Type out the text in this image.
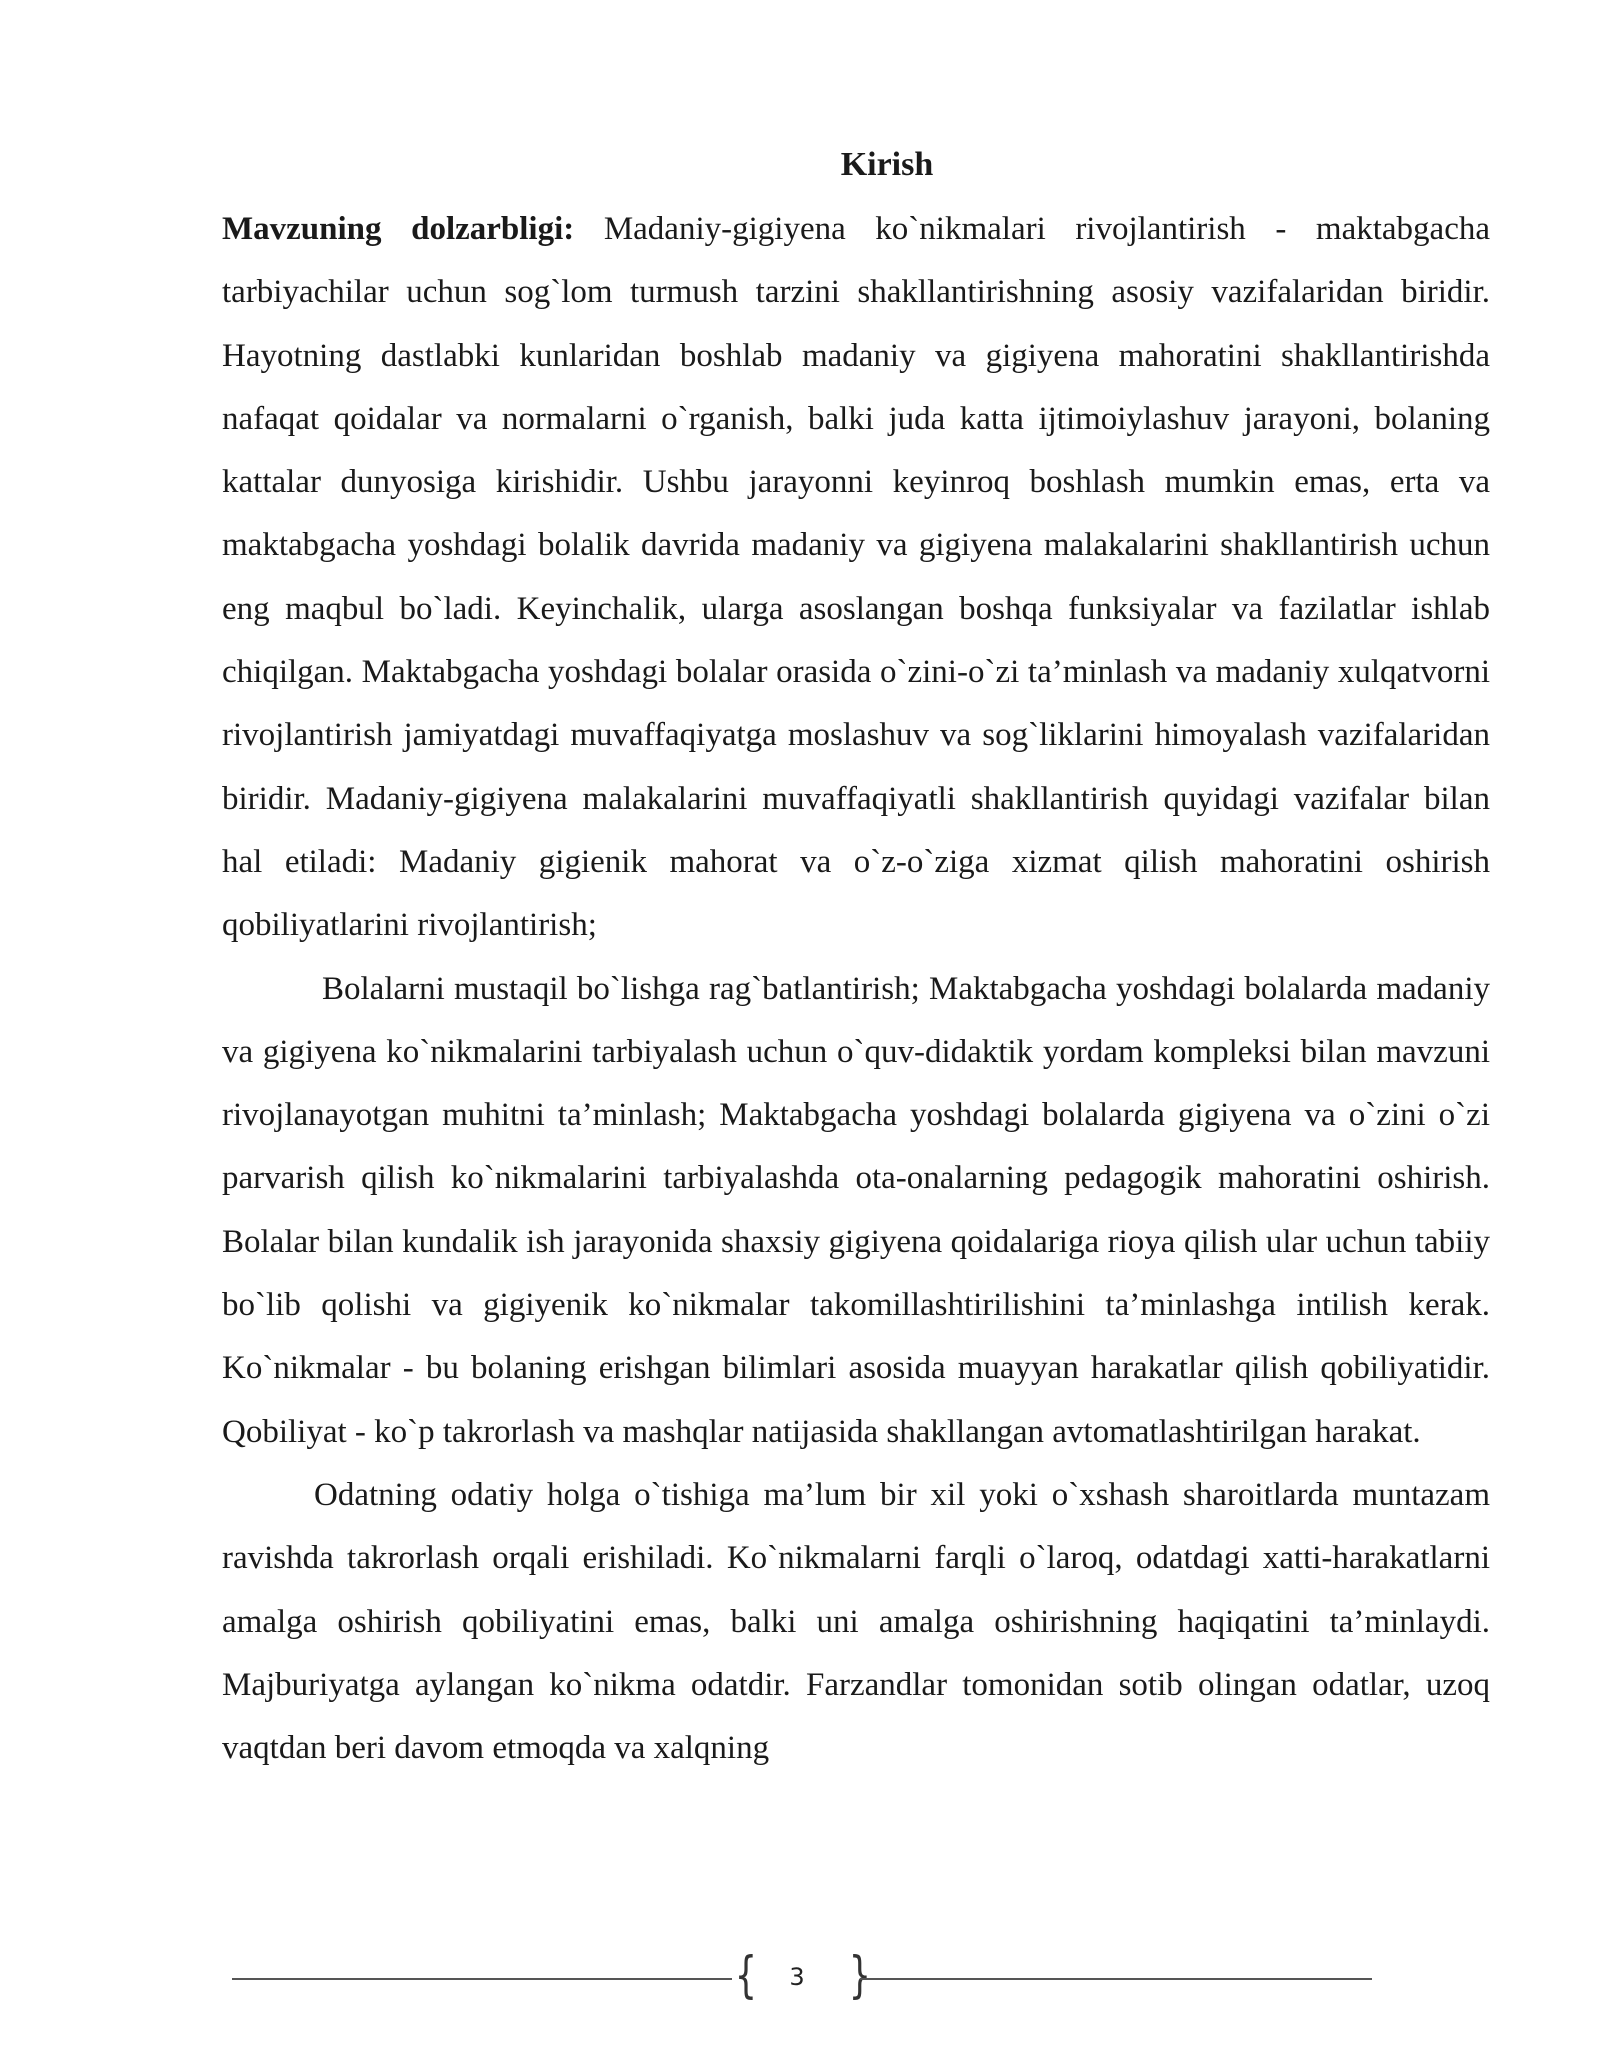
Kirish

Mavzuning dolzarbligi: Madaniy-gigiyena ko`nikmalari rivojlantirish - maktabgacha tarbiyachilar uchun sog`lom turmush tarzini shakllantirishning asosiy vazifalaridan biridir. Hayotning dastlabki kunlaridan boshlab madaniy va gigiyena mahoratini shakllantirishda nafaqat qoidalar va normalarni o`rganish, balki juda katta ijtimoiylashuv jarayoni, bolaning kattalar dunyosiga kirishidir. Ushbu jarayonni keyinroq boshlash mumkin emas, erta va maktabgacha yoshdagi bolalik davrida madaniy va gigiyena malakalarini shakllantirish uchun eng maqbul bo`ladi. Keyinchalik, ularga asoslangan boshqa funksiyalar va fazilatlar ishlab chiqilgan. Maktabgacha yoshdagi bolalar orasida o`zini-o`zi ta’minlash va madaniy xulqatvorni rivojlantirish jamiyatdagi muvaffaqiyatga moslashuv va sog`liklarini himoyalash vazifalaridan biridir. Madaniy-gigiyena malakalarini muvaffaqiyatli shakllantirish quyidagi vazifalar bilan hal etiladi: Madaniy gigienik mahorat va o`z-o`ziga xizmat qilish mahoratini oshirish qobiliyatlarini rivojlantirish;

Bolalarni mustaqil bo`lishga rag`batlantirish; Maktabgacha yoshdagi bolalarda madaniy va gigiyena ko`nikmalarini tarbiyalash uchun o`quv-didaktik yordam kompleksi bilan mavzuni rivojlanayotgan muhitni ta’minlash; Maktabgacha yoshdagi bolalarda gigiyena va o`zini o`zi parvarish qilish ko`nikmalarini tarbiyalashda ota-onalarning pedagogik mahoratini oshirish. Bolalar bilan kundalik ish jarayonida shaxsiy gigiyena qoidalariga rioya qilish ular uchun tabiiy bo`lib qolishi va gigiyenik ko`nikmalar takomillashtirilishini ta’minlashga intilish kerak. Ko`nikmalar - bu bolaning erishgan bilimlari asosida muayyan harakatlar qilish qobiliyatidir. Qobiliyat - ko`p takrorlash va mashqlar natijasida shakllangan avtomatlashtirilgan harakat.

Odatning odatiy holga o`tishiga ma’lum bir xil yoki o`xshash sharoitlarda muntazam ravishda takrorlash orqali erishiladi. Ko`nikmalarni farqli o`laroq, odatdagi xatti-harakatlarni amalga oshirish qobiliyatini emas, balki uni amalga oshirishning haqiqatini ta’minlaydi. Majburiyatga aylangan ko`nikma odatdir. Farzandlar tomonidan sotib olingan odatlar, uzoq vaqtdan beri davom etmoqda va xalqning

{	3 }
